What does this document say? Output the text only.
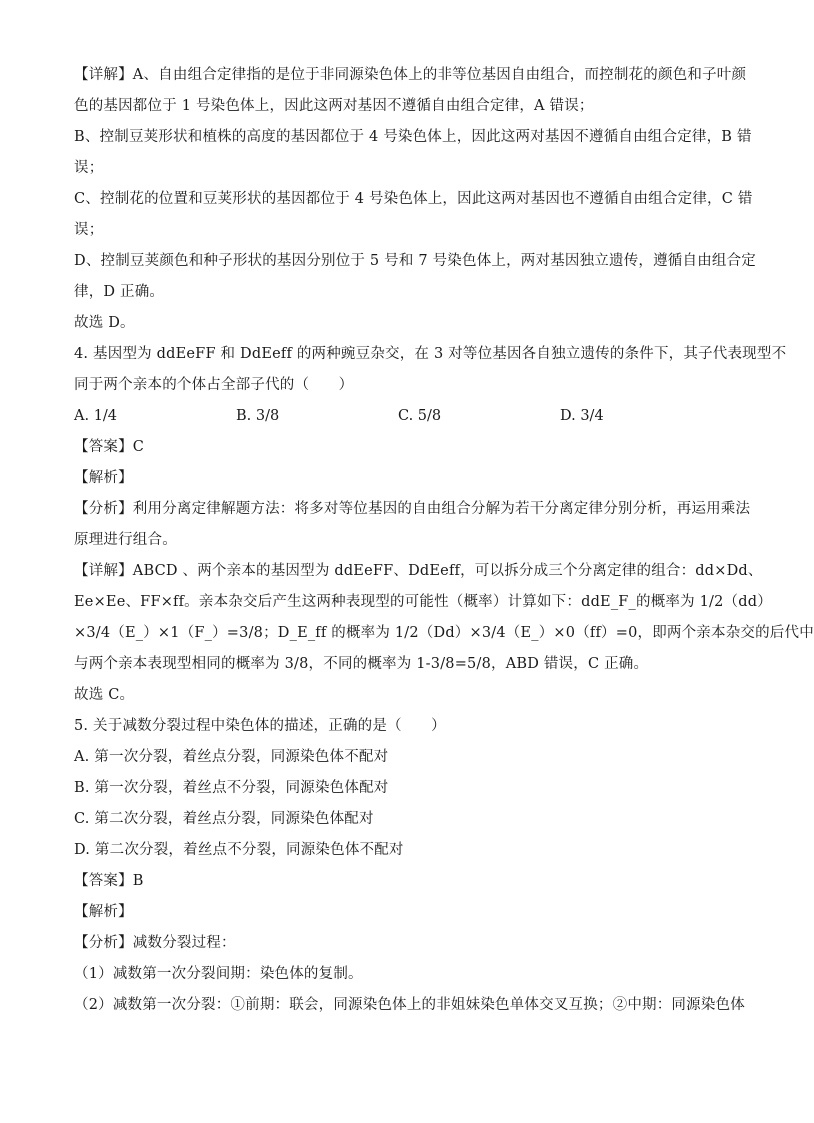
【详解】A、自由组合定律指的是位于非同源染色体上的非等位基因自由组合，而控制花的颜色和子叶颜
色的基因都位于 1 号染色体上，因此这两对基因不遵循自由组合定律，A 错误；
B、控制豆荚形状和植株的高度的基因都位于 4 号染色体上，因此这两对基因不遵循自由组合定律，B 错
误；
C、控制花的位置和豆荚形状的基因都位于 4 号染色体上，因此这两对基因也不遵循自由组合定律，C 错
误；
D、控制豆荚颜色和种子形状的基因分别位于 5 号和 7 号染色体上，两对基因独立遗传，遵循自由组合定
律，D 正确。
故选 D。
4. 基因型为 ddEeFF 和 DdEeff 的两种豌豆杂交，在 3 对等位基因各自独立遗传的条件下，其子代表现型不
同于两个亲本的个体占全部子代的（　　）
A. 1/4	B. 3/8	C. 5/8	D. 3/4
【答案】C
【解析】
【分析】利用分离定律解题方法：将多对等位基因的自由组合分解为若干分离定律分别分析，再运用乘法
原理进行组合。
【详解】ABCD 、两个亲本的基因型为 ddEeFF、DdEeff，可以拆分成三个分离定律的组合：dd×Dd、
Ee×Ee、FF×ff。亲本杂交后产生这两种表现型的可能性（概率）计算如下：ddE_F_的概率为 1/2（dd）
×3/4（E_）×1（F_）=3/8；D_E_ff 的概率为 1/2（Dd）×3/4（E_）×0（ff）=0，即两个亲本杂交的后代中
与两个亲本表现型相同的概率为 3/8，不同的概率为 1-3/8=5/8，ABD 错误，C 正确。
故选 C。
5. 关于减数分裂过程中染色体的描述，正确的是（　　）
A. 第一次分裂，着丝点分裂，同源染色体不配对
B. 第一次分裂，着丝点不分裂，同源染色体配对
C. 第二次分裂，着丝点分裂，同源染色体配对
D. 第二次分裂，着丝点不分裂，同源染色体不配对
【答案】B
【解析】
【分析】减数分裂过程：
（1）减数第一次分裂间期：染色体的复制。
（2）减数第一次分裂：①前期：联会，同源染色体上的非姐妹染色单体交叉互换；②中期：同源染色体
